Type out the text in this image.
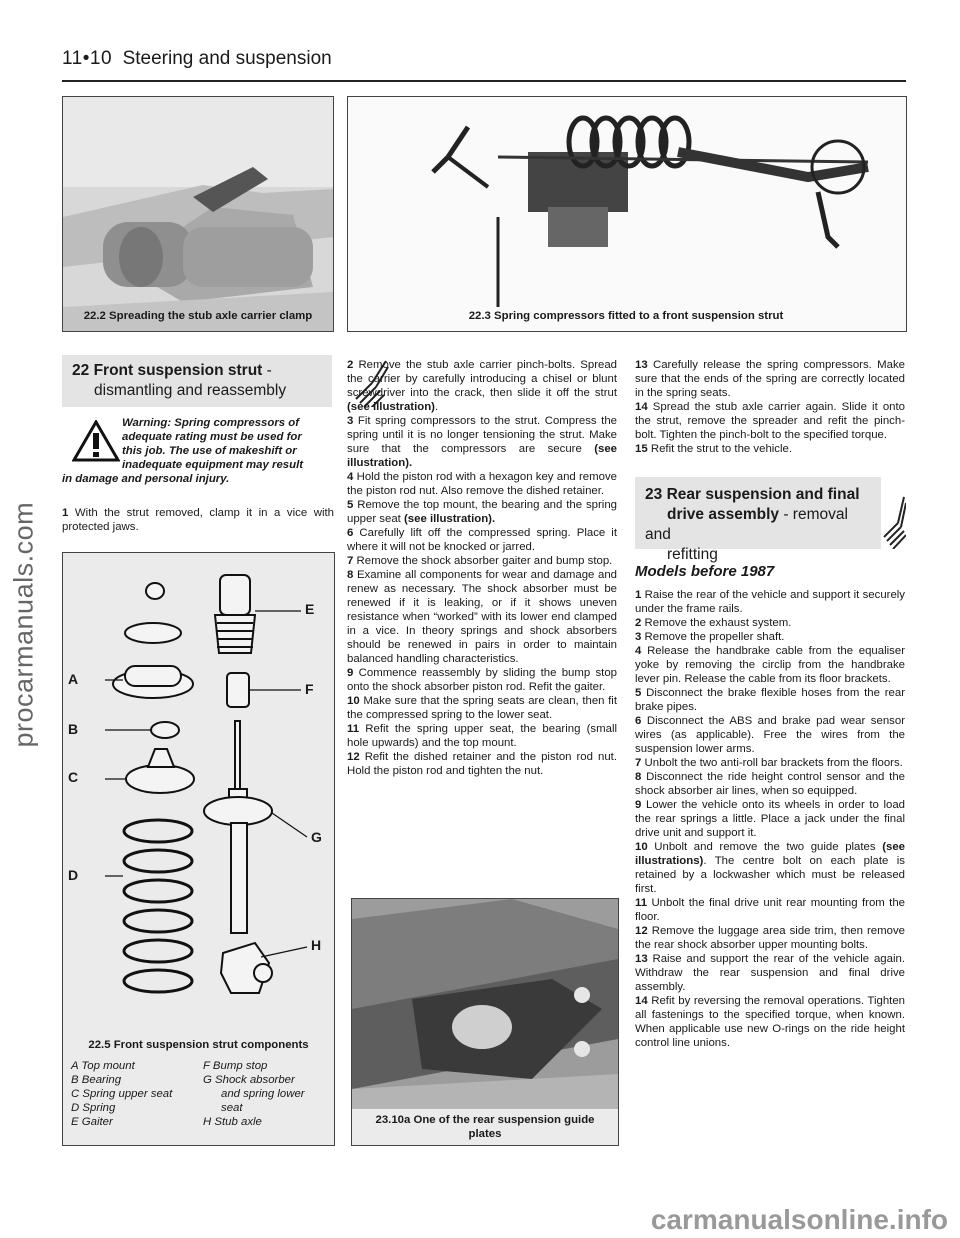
11•10 Steering and suspension
procarmanuals.com
22.2 Spreading the stub axle carrier clamp	22.3 Spring compressors fitted to a front suspension strut
22 Front suspension strut -
dismantling and reassembly
Warning: Spring compressors of
adequate rating must be used for
this job. The use of makeshift or
inadequate equipment may result
in damage and personal injury.
1 With the strut removed, clamp it in a vice with protected jaws.
A
B
C
D
E
F
G
H
22.5 Front suspension strut components
A Top mount
B Bearing
C Spring upper seat
D Spring
E Gaiter
F Bump stop
G Shock absorber
and spring lower
seat
H Stub axle

2 Remove the stub axle carrier pinch-bolts. Spread the carrier by carefully introducing a chisel or blunt screwdriver into the crack, then slide it off the strut (see illustration).

3 Fit spring compressors to the strut. Compress the spring until it is no longer tensioning the strut. Make sure that the compressors are secure (see illustration).

4 Hold the piston rod with a hexagon key and remove the piston rod nut. Also remove the dished retainer.

5 Remove the top mount, the bearing and the spring upper seat (see illustration).

6 Carefully lift off the compressed spring. Place it where it will not be knocked or jarred.

7 Remove the shock absorber gaiter and bump stop.

8 Examine all components for wear and damage and renew as necessary. The shock absorber must be renewed if it is leaking, or if it shows uneven resistance when “worked” with its lower end clamped in a vice. In theory springs and shock absorbers should be renewed in pairs in order to maintain balanced handling characteristics.

9 Commence reassembly by sliding the bump stop onto the shock absorber piston rod. Refit the gaiter.

10 Make sure that the spring seats are clean, then fit the compressed spring to the lower seat.

11 Refit the spring upper seat, the bearing (small hole upwards) and the top mount.

12 Refit the dished retainer and the piston rod nut. Hold the piston rod and tighten the nut.

23.10a One of the rear suspension guide
plates

13 Carefully release the spring compressors. Make sure that the ends of the spring are correctly located in the spring seats.

14 Spread the stub axle carrier again. Slide it onto the strut, remove the spreader and refit the pinch-bolt. Tighten the pinch-bolt to the specified torque.

15 Refit the strut to the vehicle.

23 Rear suspension and final
drive assembly - removal and
refitting
Models before 1987

1 Raise the rear of the vehicle and support it securely under the frame rails.

2 Remove the exhaust system.

3 Remove the propeller shaft.

4 Release the handbrake cable from the equaliser yoke by removing the circlip from the handbrake lever pin. Release the cable from its floor brackets.

5 Disconnect the brake flexible hoses from the rear brake pipes.

6 Disconnect the ABS and brake pad wear sensor wires (as applicable). Free the wires from the suspension lower arms.

7 Unbolt the two anti-roll bar brackets from the floors.

8 Disconnect the ride height control sensor and the shock absorber air lines, when so equipped.

9 Lower the vehicle onto its wheels in order to load the rear springs a little. Place a jack under the final drive unit and support it.

10 Unbolt and remove the two guide plates (see illustrations). The centre bolt on each plate is retained by a lockwasher which must be released first.

11 Unbolt the final drive unit rear mounting from the floor.

12 Remove the luggage area side trim, then remove the rear shock absorber upper mounting bolts.

13 Raise and support the rear of the vehicle again. Withdraw the rear suspension and final drive assembly.

14 Refit by reversing the removal operations. Tighten all fastenings to the specified torque, when known. When applicable use new O-rings on the ride height control line unions.

carmanualsonline.info
